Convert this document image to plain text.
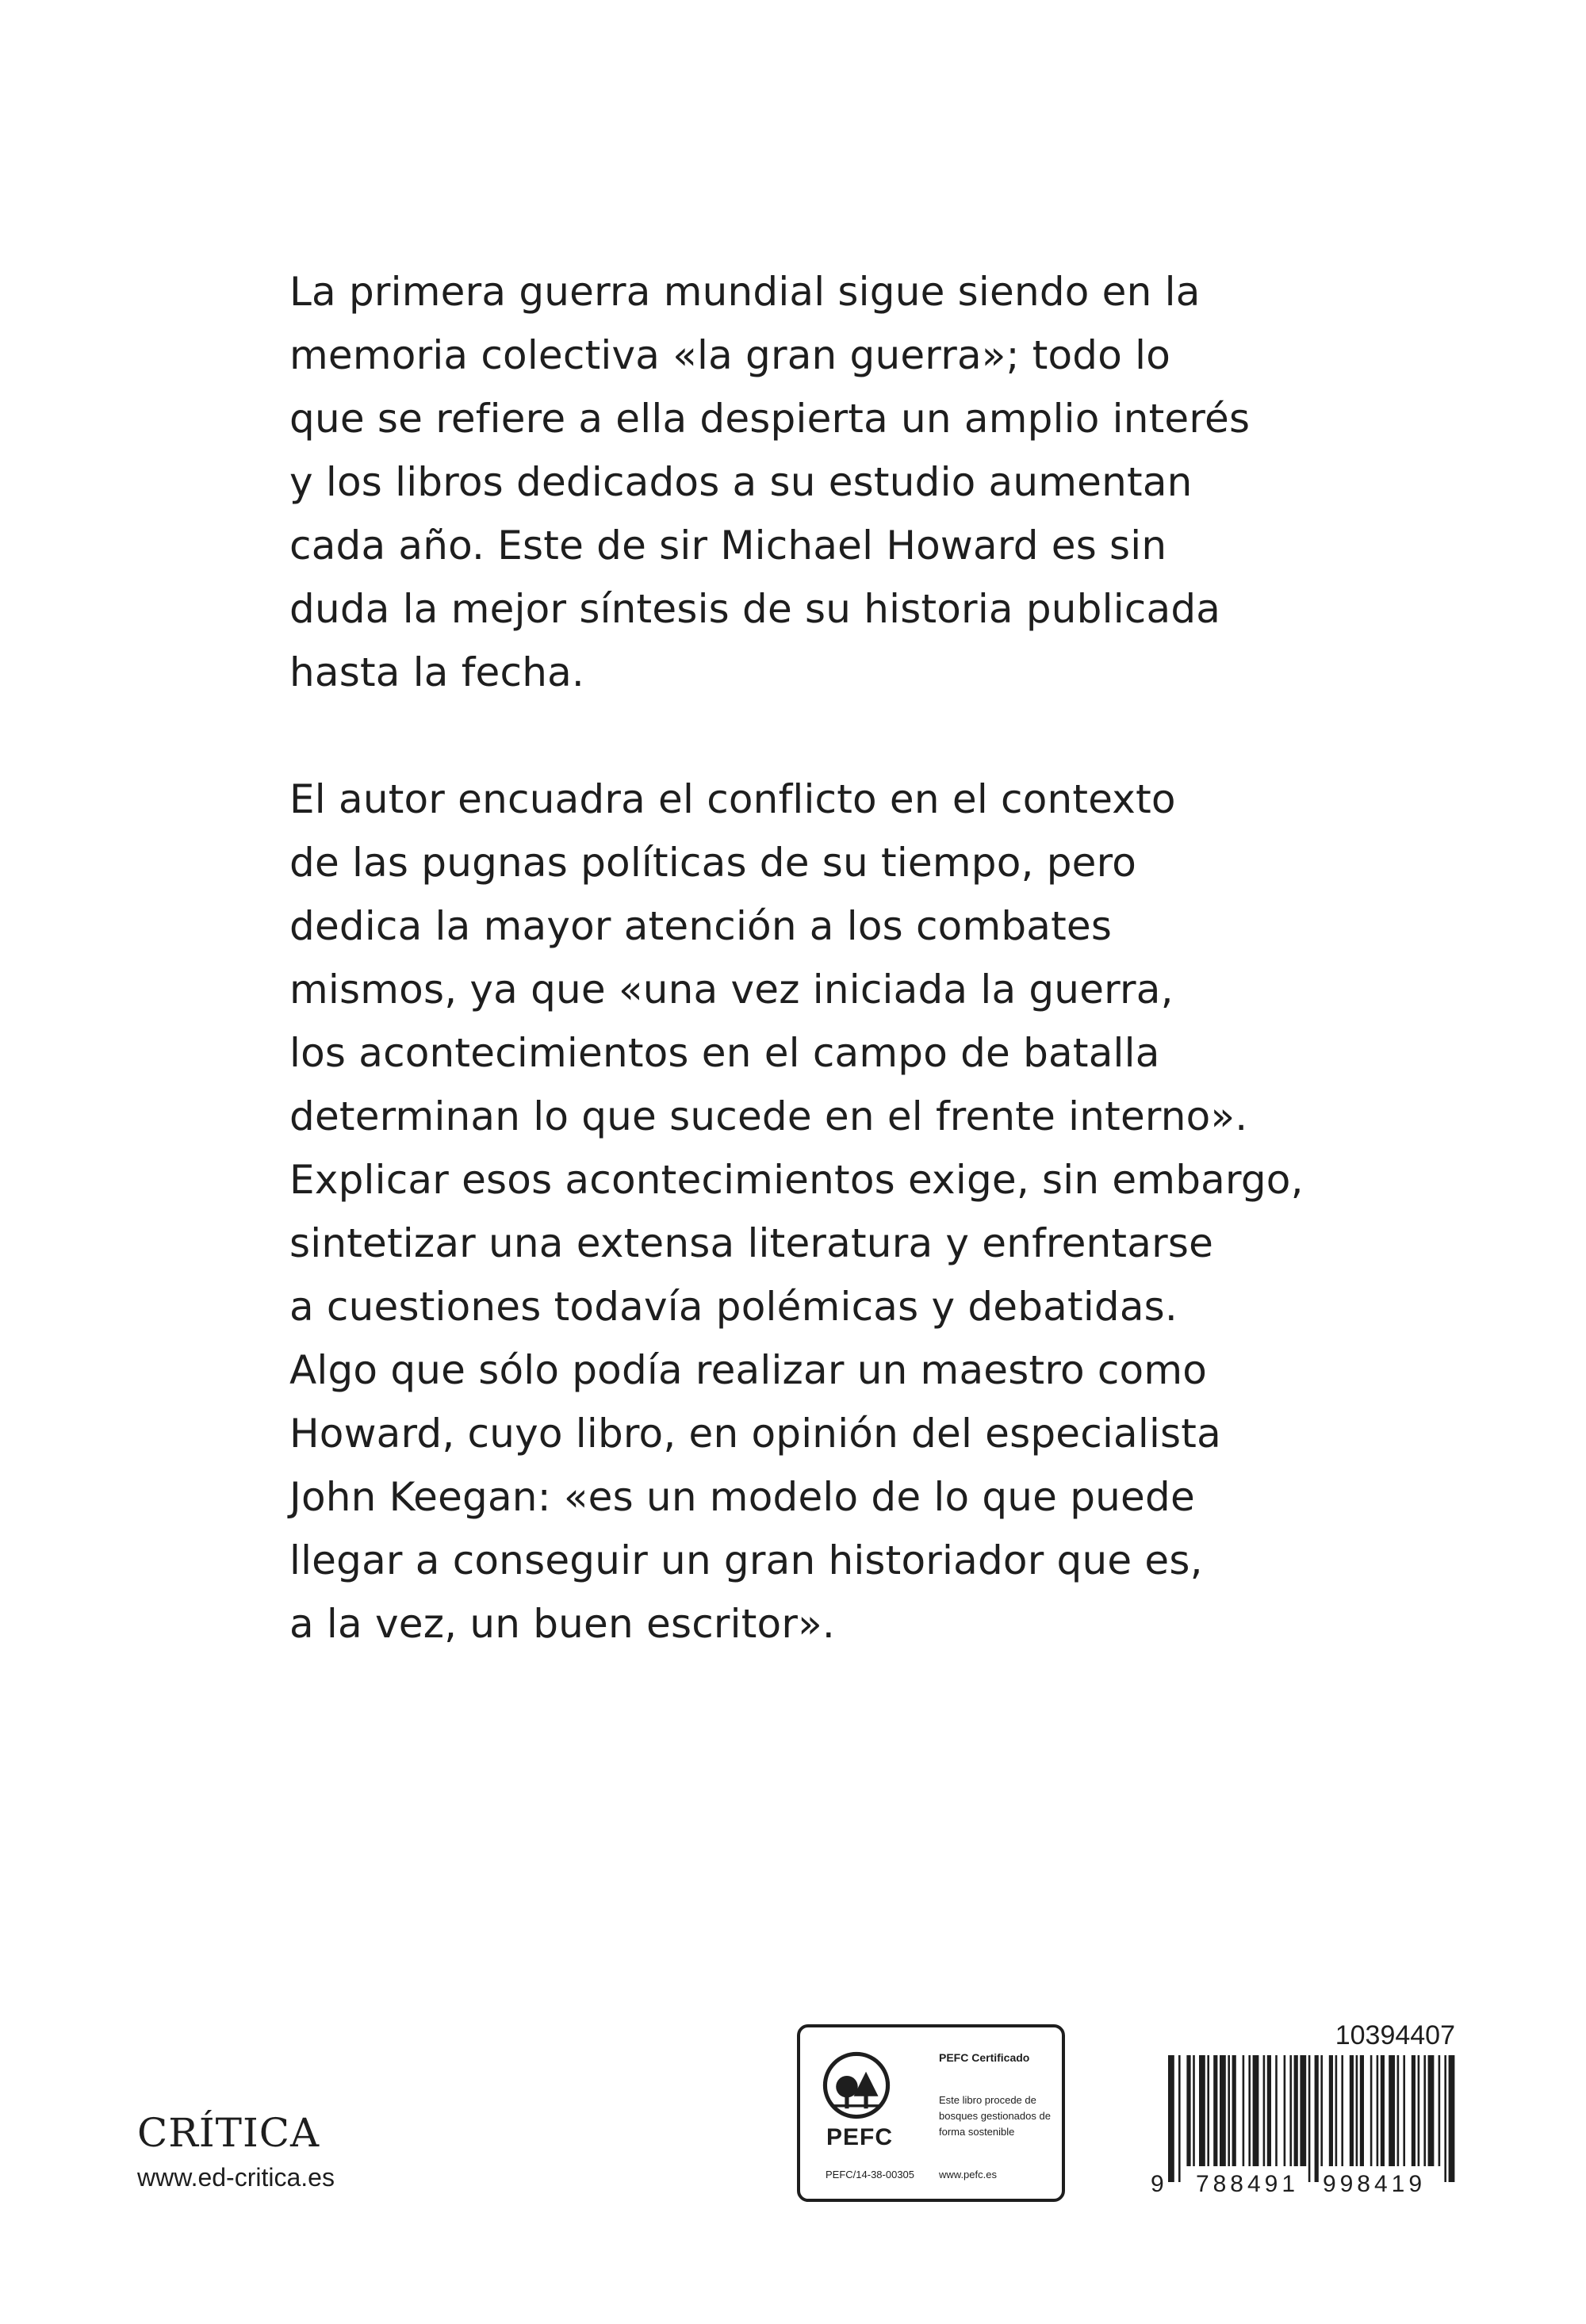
La primera guerra mundial sigue siendo en la
memoria colectiva «la gran guerra»; todo lo
que se refiere a ella despierta un amplio interés
y los libros dedicados a su estudio aumentan
cada año. Este de sir Michael Howard es sin
duda la mejor síntesis de su historia publicada
hasta la fecha.

El autor encuadra el conflicto en el contexto
de las pugnas políticas de su tiempo, pero
dedica la mayor atención a los combates
mismos, ya que «una vez iniciada la guerra,
los acontecimientos en el campo de batalla
determinan lo que sucede en el frente interno».
Explicar esos acontecimientos exige, sin embargo,
sintetizar una extensa literatura y enfrentarse
a cuestiones todavía polémicas y debatidas.
Algo que sólo podía realizar un maestro como
Howard, cuyo libro, en opinión del especialista
John Keegan: «es un modelo de lo que puede
llegar a conseguir un gran historiador que es,
a la vez, un buen escritor».

CRÍTICA
www.ed-critica.es
PEFC
PEFC/14-38-00305
PEFC Certificado
Este libro procede de bosques gestionados de forma sostenible
www.pefc.es
10394407
9 788491 998419
